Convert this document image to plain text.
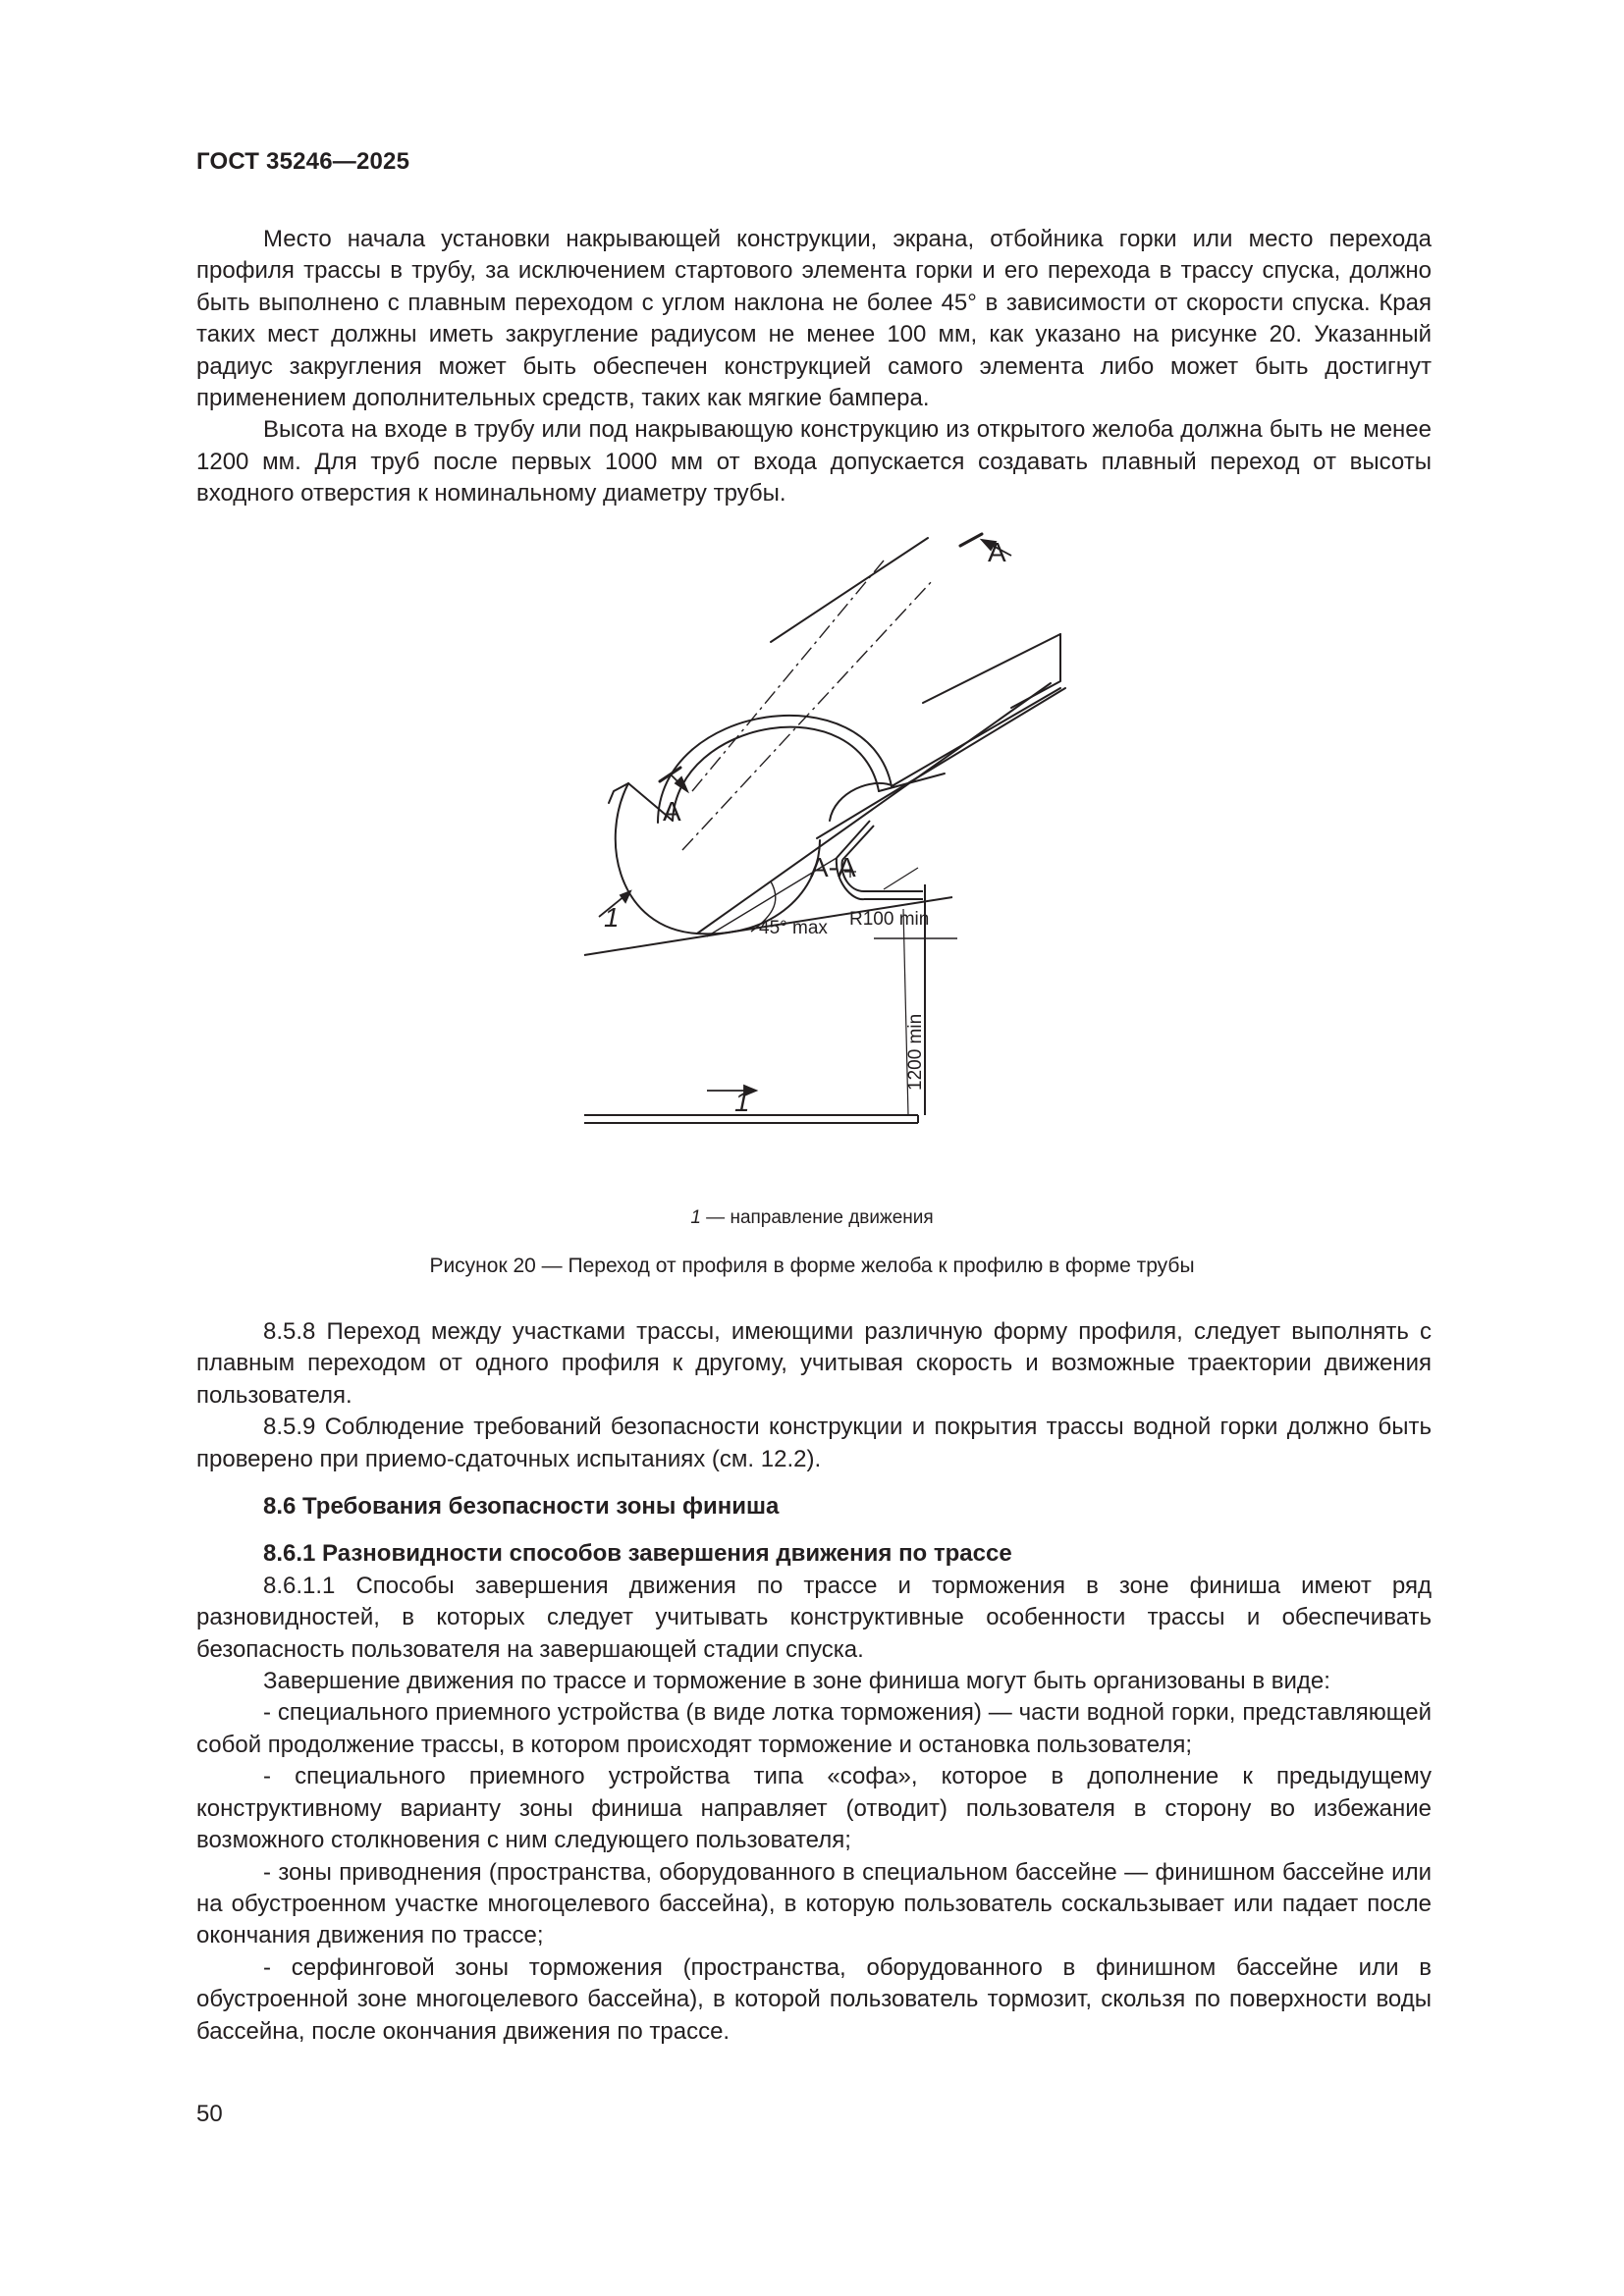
ГОСТ 35246—2025

Место начала установки накрывающей конструкции, экрана, отбойника горки или место перехода профиля трассы в трубу, за исключением стартового элемента горки и его перехода в трассу спуска, должно быть выполнено с плавным переходом с углом наклона не более 45° в зависимости от скорости спуска. Края таких мест должны иметь закругление радиусом не менее 100 мм, как указано на рисунке 20. Указанный радиус закругления может быть обеспечен конструкцией самого элемента либо может быть достигнут применением дополнительных средств, таких как мягкие бампера.

Высота на входе в трубу или под накрывающую конструкцию из открытого желоба должна быть не менее 1200 мм. Для труб после первых 1000 мм от входа допускается создавать плавный переход от высоты входного отверстия к номинальному диаметру трубы.

А
А
А-А
1	45° max R100 min
1200 min
1
1 — направление движения
Рисунок 20 — Переход от профиля в форме желоба к профилю в форме трубы

8.5.8 Переход между участками трассы, имеющими различную форму профиля, следует выполнять с плавным переходом от одного профиля к другому, учитывая скорость и возможные траектории движения пользователя.

8.5.9 Соблюдение требований безопасности конструкции и покрытия трассы водной горки должно быть проверено при приемо-сдаточных испытаниях (см. 12.2).

8.6 Требования безопасности зоны финиша

8.6.1 Разновидности способов завершения движения по трассе

8.6.1.1 Способы завершения движения по трассе и торможения в зоне финиша имеют ряд разновидностей, в которых следует учитывать конструктивные особенности трассы и обеспечивать безопасность пользователя на завершающей стадии спуска.

Завершение движения по трассе и торможение в зоне финиша могут быть организованы в виде:

- специального приемного устройства (в виде лотка торможения) — части водной горки, представляющей собой продолжение трассы, в котором происходят торможение и остановка пользователя;

- специального приемного устройства типа «софа», которое в дополнение к предыдущему конструктивному варианту зоны финиша направляет (отводит) пользователя в сторону во избежание возможного столкновения с ним следующего пользователя;

- зоны приводнения (пространства, оборудованного в специальном бассейне — финишном бассейне или на обустроенном участке многоцелевого бассейна), в которую пользователь соскальзывает или падает после окончания движения по трассе;

- серфинговой зоны торможения (пространства, оборудованного в финишном бассейне или в обустроенной зоне многоцелевого бассейна), в которой пользователь тормозит, скользя по поверхности воды бассейна, после окончания движения по трассе.

50
